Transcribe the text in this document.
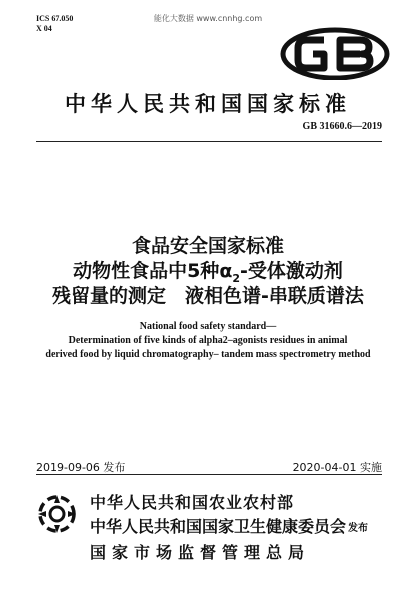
ICS 67.050
X 04
能化大数据 www.cnnhg.com
中华人民共和国国家标准
GB 31660.6—2019
食品安全国家标准
动物性食品中5种$\alpha_2-$受体激动剂
残留量的测定　液相色谱-串联质谱法
National food safety standard—
Determination of five kinds of alpha2–agonists residues in animal
derived food by liquid chromatography– tandem mass spectrometry method
2019-09-06 发布	2020-04-01 实施
中华人民共和国农业农村部
中华人民共和国国家卫生健康委员会 发布
国家市场监督管理总局
